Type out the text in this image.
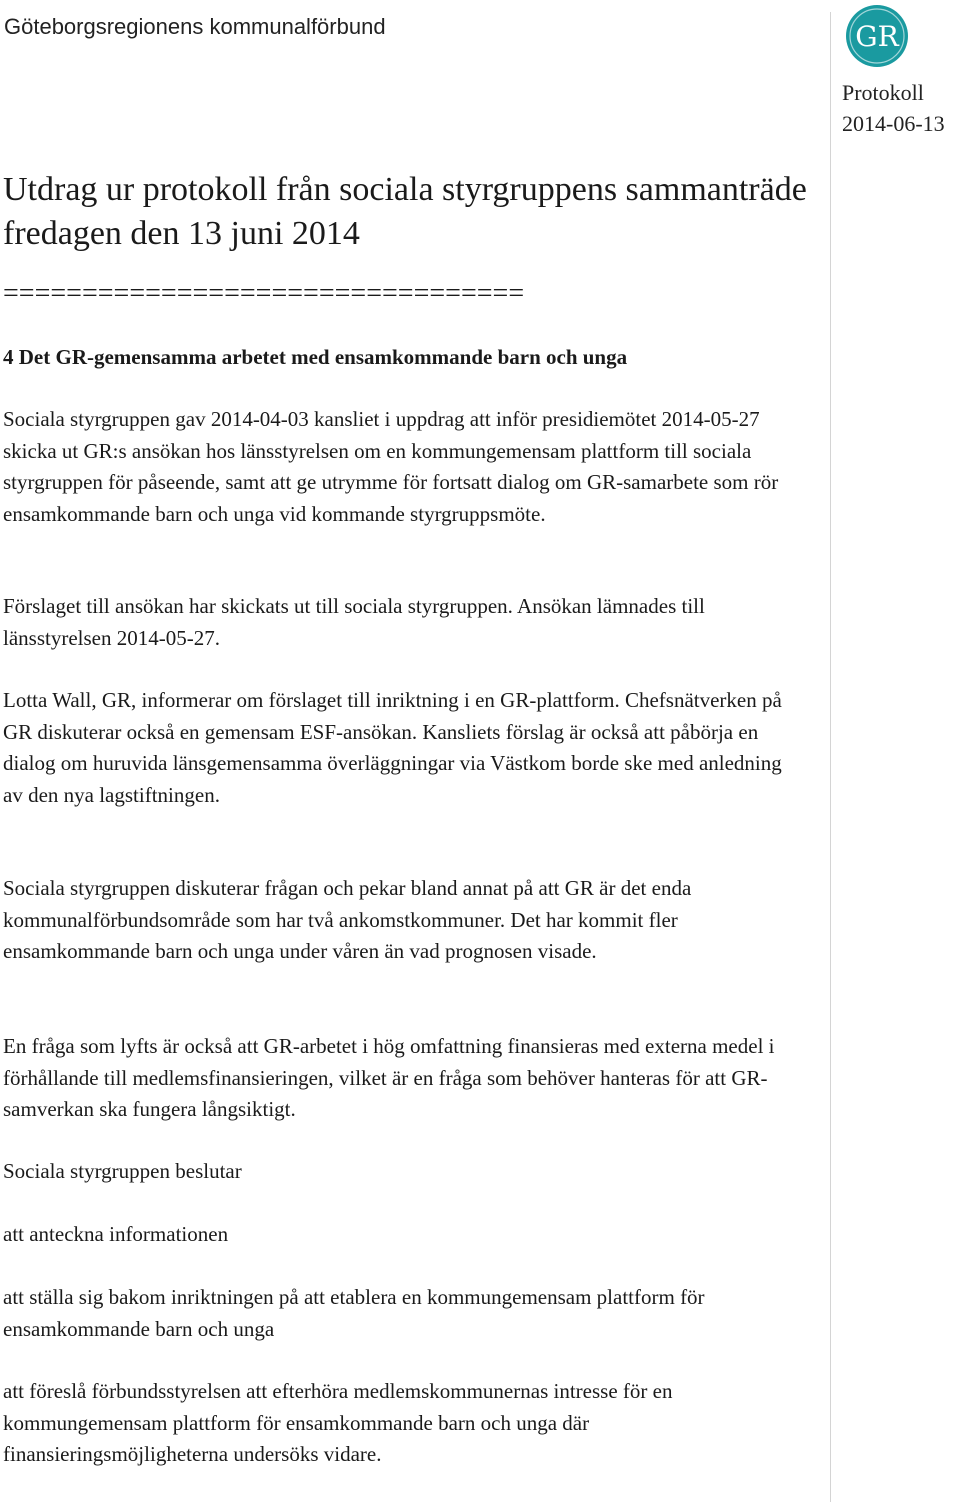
Göteborgsregionens kommunalförbund	GR
Protokoll
2014-06-13
Utdrag ur protokoll från sociala styrgruppens sammanträde fredagen den 13 juni 2014
=================================
4 Det GR-gemensamma arbetet med ensamkommande barn och unga

Sociala styrgruppen gav 2014-04-03 kansliet i uppdrag att inför presidiemötet 2014-05-27 skicka ut GR:s ansökan hos länsstyrelsen om en kommungemensam plattform till sociala styrgruppen för påseende, samt att ge utrymme för fortsatt dialog om GR-samarbete som rör ensamkommande barn och unga vid kommande styrgruppsmöte.

Förslaget till ansökan har skickats ut till sociala styrgruppen. Ansökan lämnades till länsstyrelsen 2014-05-27.

Lotta Wall, GR, informerar om förslaget till inriktning i en GR-plattform. Chefsnätverken på GR diskuterar också en gemensam ESF-ansökan. Kansliets förslag är också att påbörja en dialog om huruvida länsgemensamma överläggningar via Västkom borde ske med anledning av den nya lagstiftningen.

Sociala styrgruppen diskuterar frågan och pekar bland annat på att GR är det enda kommunalförbundsområde som har två ankomstkommuner. Det har kommit fler ensamkommande barn och unga under våren än vad prognosen visade.

En fråga som lyfts är också att GR-arbetet i hög omfattning finansieras med externa medel i förhållande till medlemsfinansieringen, vilket är en fråga som behöver hanteras för att GR-samverkan ska fungera långsiktigt.

Sociala styrgruppen beslutar

att anteckna informationen

att ställa sig bakom inriktningen på att etablera en kommungemensam plattform för ensamkommande barn och unga

att föreslå förbundsstyrelsen att efterhöra medlemskommunernas intresse för en kommungemensam plattform för ensamkommande barn och unga där finansieringsmöjligheterna undersöks vidare.
